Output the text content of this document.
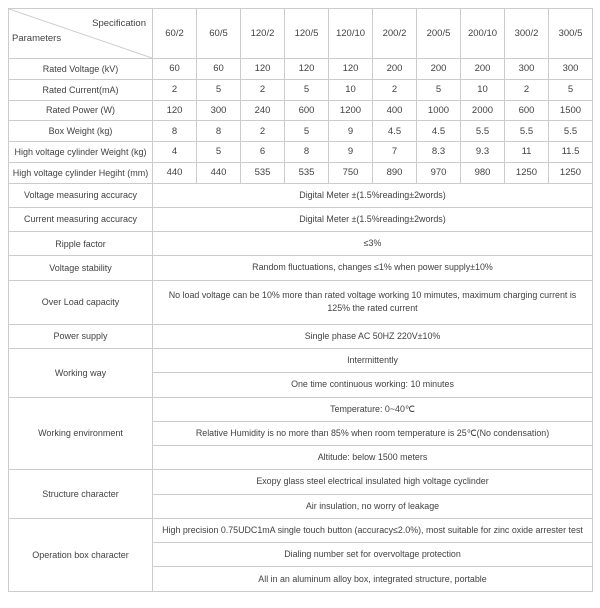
Specification
Parameters	60/2	60/5	120/2	120/5	120/10	200/2	200/5	200/10	300/2	300/5
Rated Voltage (kV)	60	60	120	120	120	200	200	200	300	300
Rated Current(mA)	2	5	2	5	10	2	5	10	2	5
Rated Power (W)	120	300	240	600	1200	400	1000	2000	600	1500
Box Weight (kg)	8	8	2	5	9	4.5	4.5	5.5	5.5	5.5
High voltage cylinder Weight (kg)	4	5	6	8	9	7	8.3	9.3	11	11.5
High voltage cylinder Hegiht (mm)	440	440	535	535	750	890	970	980	1250	1250
Voltage measuring accuracy	Digital Meter ±(1.5%reading±2words)									
Current measuring accuracy	Digital Meter ±(1.5%reading±2words)									
Ripple factor	≤3%									
Voltage stability	Random fluctuations, changes ≤1% when power supply±10%									
Over Load capacity	No load voltage can be 10% more than rated voltage working 10 mimutes, maximum charging current is 125% the rated current									
Power supply	Single phase AC 50HZ 220V±10%									
Working way	Intermittently									
	One time continuous working: 10 minutes									
Working environment	Temperature: 0~40℃									
	Relative Humidity is no more than 85% when room temperature is 25℃(No condensation)									
	Altitude: below 1500 meters									
Structure character	Exopy glass steel electrical insulated high voltage cyclinder									
	Air insulation, no worry of leakage									
Operation box character	High precision 0.75UDC1mA single touch button (accuracy≤2.0%), most suitable for zinc oxide arrester test									
	Dialing number set for overvoltage protection									
	All in an aluminum alloy box, integrated structure, portable									
